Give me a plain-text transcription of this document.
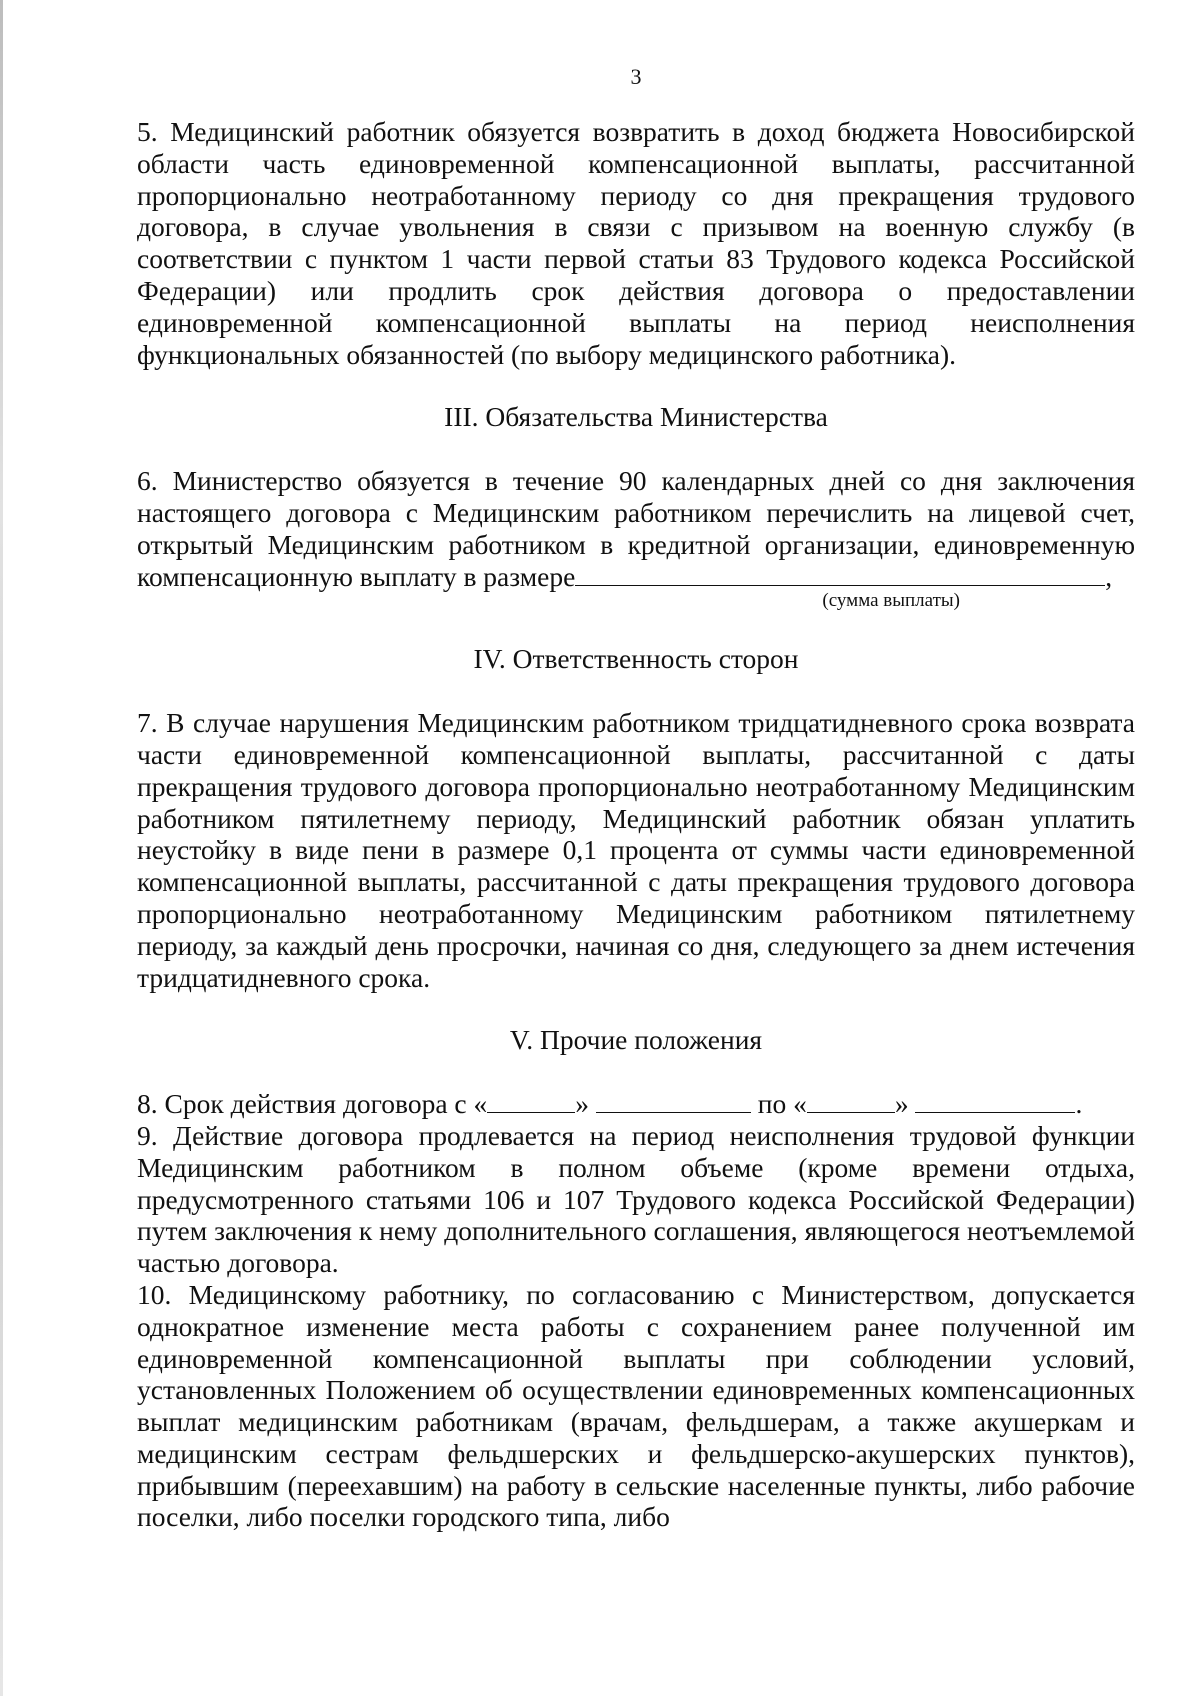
3

5. Медицинский работник обязуется возвратить в доход бюджета Новосибирской области часть единовременной компенсационной выплаты, рассчитанной пропорционально неотработанному периоду со дня прекращения трудового договора, в случае увольнения в связи с призывом на военную службу (в соответствии с пунктом 1 части первой статьи 83 Трудового кодекса Российской Федерации) или продлить срок действия договора о предоставлении единовременной компенсационной выплаты на период неисполнения функциональных обязанностей (по выбору медицинского работника).

III. Обязательства Министерства

6. Министерство обязуется в течение 90 календарных дней со дня заключения настоящего договора с Медицинским работником перечислить на лицевой счет, открытый Медицинским работником в кредитной организации, единовременную компенсационную выплату в размере	,

(сумма выплаты)
IV. Ответственность сторон

7. В случае нарушения Медицинским работником тридцатидневного срока возврата части единовременной компенсационной выплаты, рассчитанной с даты прекращения трудового договора пропорционально неотработанному Медицинским работником пятилетнему периоду, Медицинский работник обязан уплатить неустойку в виде пени в размере 0,1 процента от суммы части единовременной компенсационной выплаты, рассчитанной с даты прекращения трудового договора пропорционально неотработанному Медицинским работником пятилетнему периоду, за каждый день просрочки, начиная со дня, следующего за днем истечения тридцатидневного срока.

V. Прочие положения

8. Срок действия договора с «	»	по «	»	.

9. Действие договора продлевается на период неисполнения трудовой функции Медицинским работником в полном объеме (кроме времени отдыха, предусмотренного статьями 106 и 107 Трудового кодекса Российской Федерации) путем заключения к нему дополнительного соглашения, являющегося неотъемлемой частью договора.

10. Медицинскому работнику, по согласованию с Министерством, допускается однократное изменение места работы с сохранением ранее полученной им единовременной компенсационной выплаты при соблюдении условий, установленных Положением об осуществлении единовременных компенсационных выплат медицинским работникам (врачам, фельдшерам, а также акушеркам и медицинским сестрам фельдшерских и фельдшерско-акушерских пунктов), прибывшим (переехавшим) на работу в сельские населенные пункты, либо рабочие поселки, либо поселки городского типа, либо
